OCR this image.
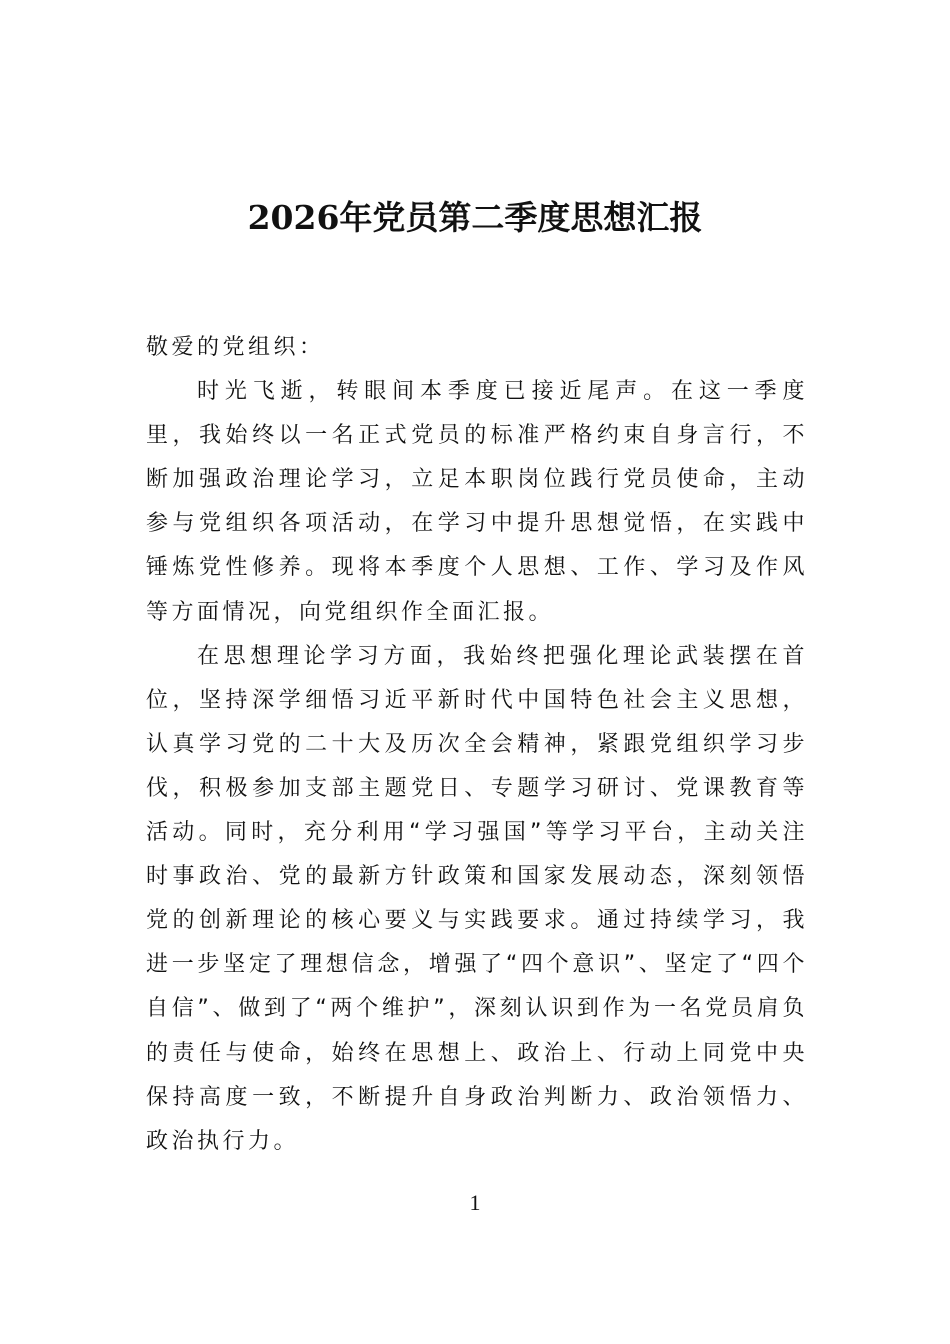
2026年党员第二季度思想汇报

敬爱的党组织：

时光飞逝，转眼间本季度已接近尾声。在这一季度里，我始终以一名正式党员的标准严格约束自身言行，不断加强政治理论学习，立足本职岗位践行党员使命，主动参与党组织各项活动，在学习中提升思想觉悟，在实践中锤炼党性修养。现将本季度个人思想、工作、学习及作风等方面情况，向党组织作全面汇报。

在思想理论学习方面，我始终把强化理论武装摆在首位，坚持深学细悟习近平新时代中国特色社会主义思想，认真学习党的二十大及历次全会精神，紧跟党组织学习步伐，积极参加支部主题党日、专题学习研讨、党课教育等活动。同时，充分利用“学习强国”等学习平台，主动关注时事政治、党的最新方针政策和国家发展动态，深刻领悟党的创新理论的核心要义与实践要求。通过持续学习，我进一步坚定了理想信念，增强了“四个意识”、坚定了“四个自信”、做到了“两个维护”，深刻认识到作为一名党员肩负的责任与使命，始终在思想上、政治上、行动上同党中央保持高度一致，不断提升自身政治判断力、政治领悟力、政治执行力。

1
